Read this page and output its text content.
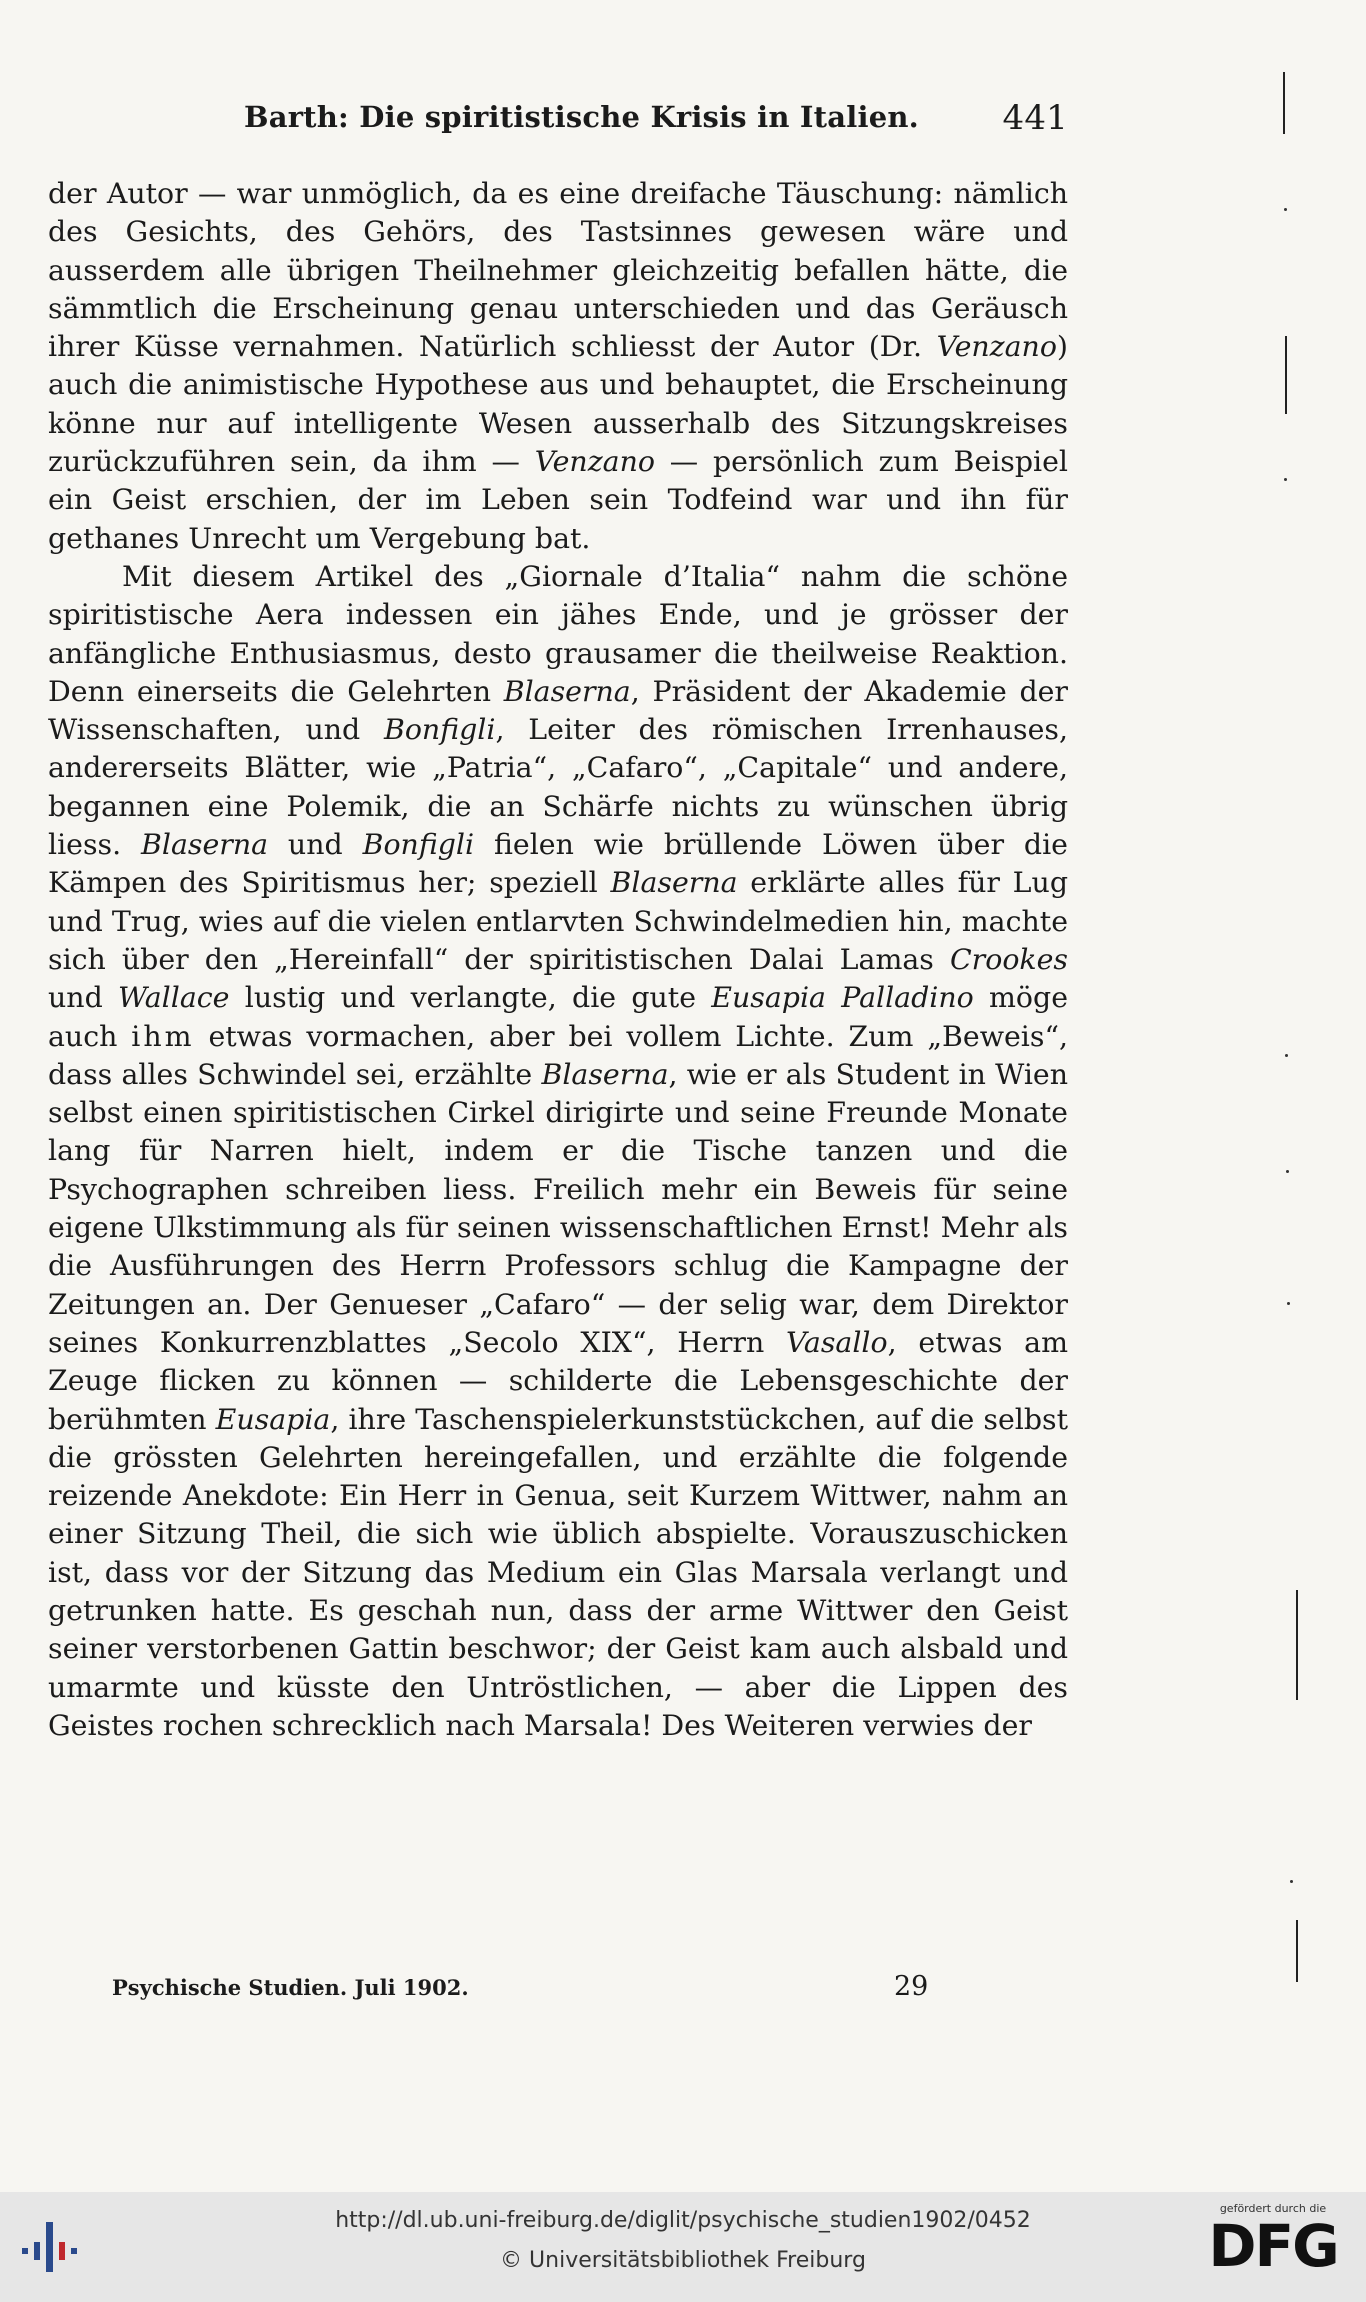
Barth: Die spiritistische Krisis in Italien. 441

der Autor — war unmöglich, da es eine dreifache Täuschung: nämlich des Gesichts, des Gehörs, des Tastsinnes gewesen wäre und ausserdem alle übrigen Theilnehmer gleichzeitig befallen hätte, die sämmtlich die Erscheinung genau unterschieden und das Geräusch ihrer Küsse vernahmen. Natürlich schliesst der Autor (Dr. Venzano) auch die animistische Hypothese aus und behauptet, die Erscheinung könne nur auf intelligente Wesen ausserhalb des Sitzungskreises zurückzuführen sein, da ihm — Venzano — persönlich zum Beispiel ein Geist erschien, der im Leben sein Todfeind war und ihn für gethanes Unrecht um Vergebung bat.

Mit diesem Artikel des „Giornale d’Italia“ nahm die schöne spiritistische Aera indessen ein jähes Ende, und je grösser der anfängliche Enthusiasmus, desto grausamer die theilweise Reaktion. Denn einerseits die Gelehrten Blaserna, Präsident der Akademie der Wissenschaften, und Bonfigli, Leiter des römischen Irrenhauses, andererseits Blätter, wie „Patria“, „Cafaro“, „Capitale“ und andere, begannen eine Polemik, die an Schärfe nichts zu wünschen übrig liess. Blaserna und Bonfigli fielen wie brüllende Löwen über die Kämpen des Spiritismus her; speziell Blaserna erklärte alles für Lug und Trug, wies auf die vielen entlarvten Schwindelmedien hin, machte sich über den „Hereinfall“ der spiritistischen Dalai Lamas Crookes und Wallace lustig und verlangte, die gute Eusapia Palladino möge auch ihm etwas vormachen, aber bei vollem Lichte. Zum „Beweis“, dass alles Schwindel sei, erzählte Blaserna, wie er als Student in Wien selbst einen spiritistischen Cirkel dirigirte und seine Freunde Monate lang für Narren hielt, indem er die Tische tanzen und die Psychographen schreiben liess. Freilich mehr ein Beweis für seine eigene Ulkstimmung als für seinen wissenschaftlichen Ernst! Mehr als die Ausführungen des Herrn Professors schlug die Kampagne der Zeitungen an. Der Genueser „Cafaro“ — der selig war, dem Direktor seines Konkurrenzblattes „Secolo XIX“, Herrn Vasallo, etwas am Zeuge flicken zu können — schilderte die Lebensgeschichte der berühmten Eusapia, ihre Taschenspielerkunststückchen, auf die selbst die grössten Gelehrten hereingefallen, und erzählte die folgende reizende Anekdote: Ein Herr in Genua, seit Kurzem Wittwer, nahm an einer Sitzung Theil, die sich wie üblich abspielte. Vorauszuschicken ist, dass vor der Sitzung das Medium ein Glas Marsala verlangt und getrunken hatte. Es geschah nun, dass der arme Wittwer den Geist seiner verstorbenen Gattin beschwor; der Geist kam auch alsbald und umarmte und küsste den Untröstlichen, — aber die Lippen des Geistes rochen schrecklich nach Marsala! Des Weiteren verwies der

Psychische Studien. Juli 1902.	29
http://dl.ub.uni-freiburg.de/diglit/psychische_studien1902/0452
© Universitätsbibliothek Freiburg
gefördert durch die
DFG
